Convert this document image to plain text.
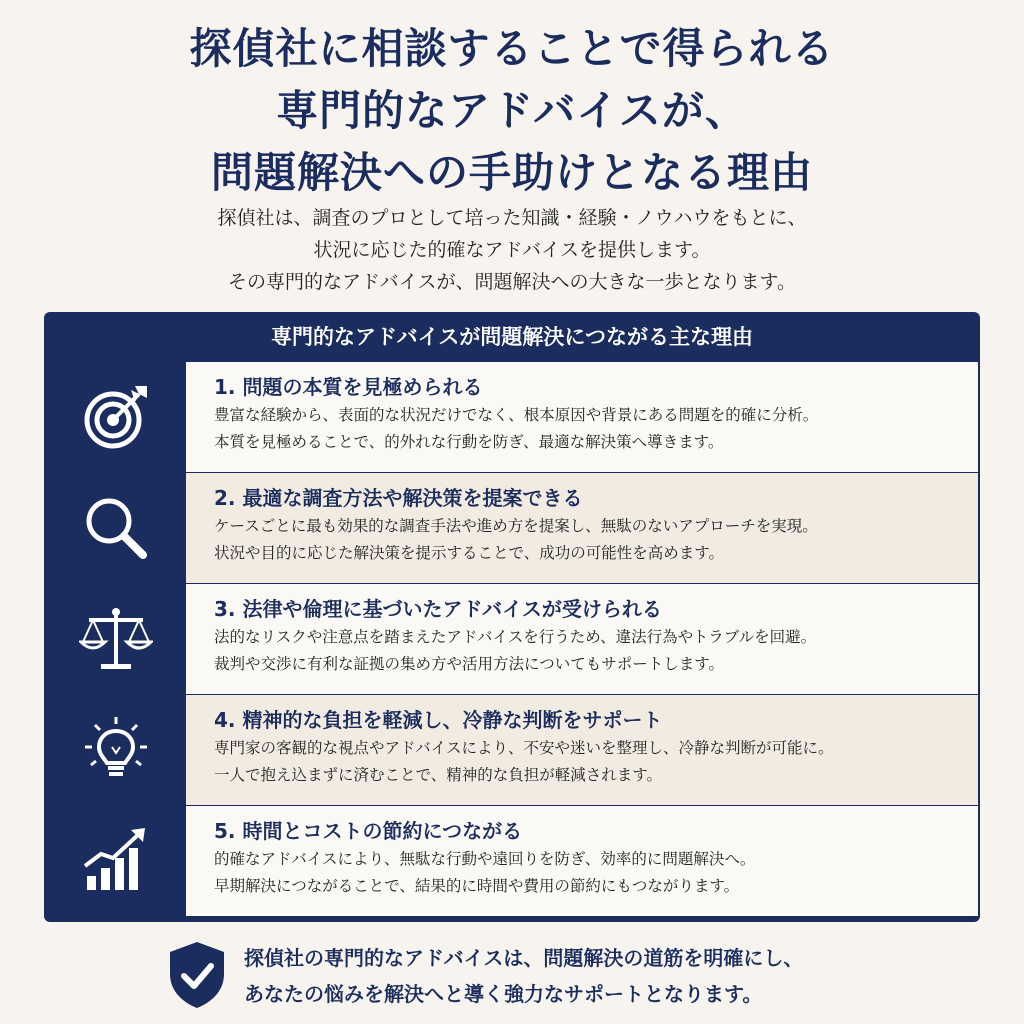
探偵社に相談することで得られる
専門的なアドバイスが、
問題解決への手助けとなる理由
探偵社は、調査のプロとして培った知識・経験・ノウハウをもとに、
状況に応じた的確なアドバイスを提供します。
その専門的なアドバイスが、問題解決への大きな一歩となります。
専門的なアドバイスが問題解決につながる主な理由
1. 問題の本質を見極められる
豊富な経験から、表面的な状況だけでなく、根本原因や背景にある問題を的確に分析。
本質を見極めることで、的外れな行動を防ぎ、最適な解決策へ導きます。
2. 最適な調査方法や解決策を提案できる
ケースごとに最も効果的な調査手法や進め方を提案し、無駄のないアプローチを実現。
状況や目的に応じた解決策を提示することで、成功の可能性を高めます。
3. 法律や倫理に基づいたアドバイスが受けられる
法的なリスクや注意点を踏まえたアドバイスを行うため、違法行為やトラブルを回避。
裁判や交渉に有利な証拠の集め方や活用方法についてもサポートします。
4. 精神的な負担を軽減し、冷静な判断をサポート
専門家の客観的な視点やアドバイスにより、不安や迷いを整理し、冷静な判断が可能に。
一人で抱え込まずに済むことで、精神的な負担が軽減されます。
5. 時間とコストの節約につながる
的確なアドバイスにより、無駄な行動や遠回りを防ぎ、効率的に問題解決へ。
早期解決につながることで、結果的に時間や費用の節約にもつながります。
探偵社の専門的なアドバイスは、問題解決の道筋を明確にし、
あなたの悩みを解決へと導く強力なサポートとなります。
